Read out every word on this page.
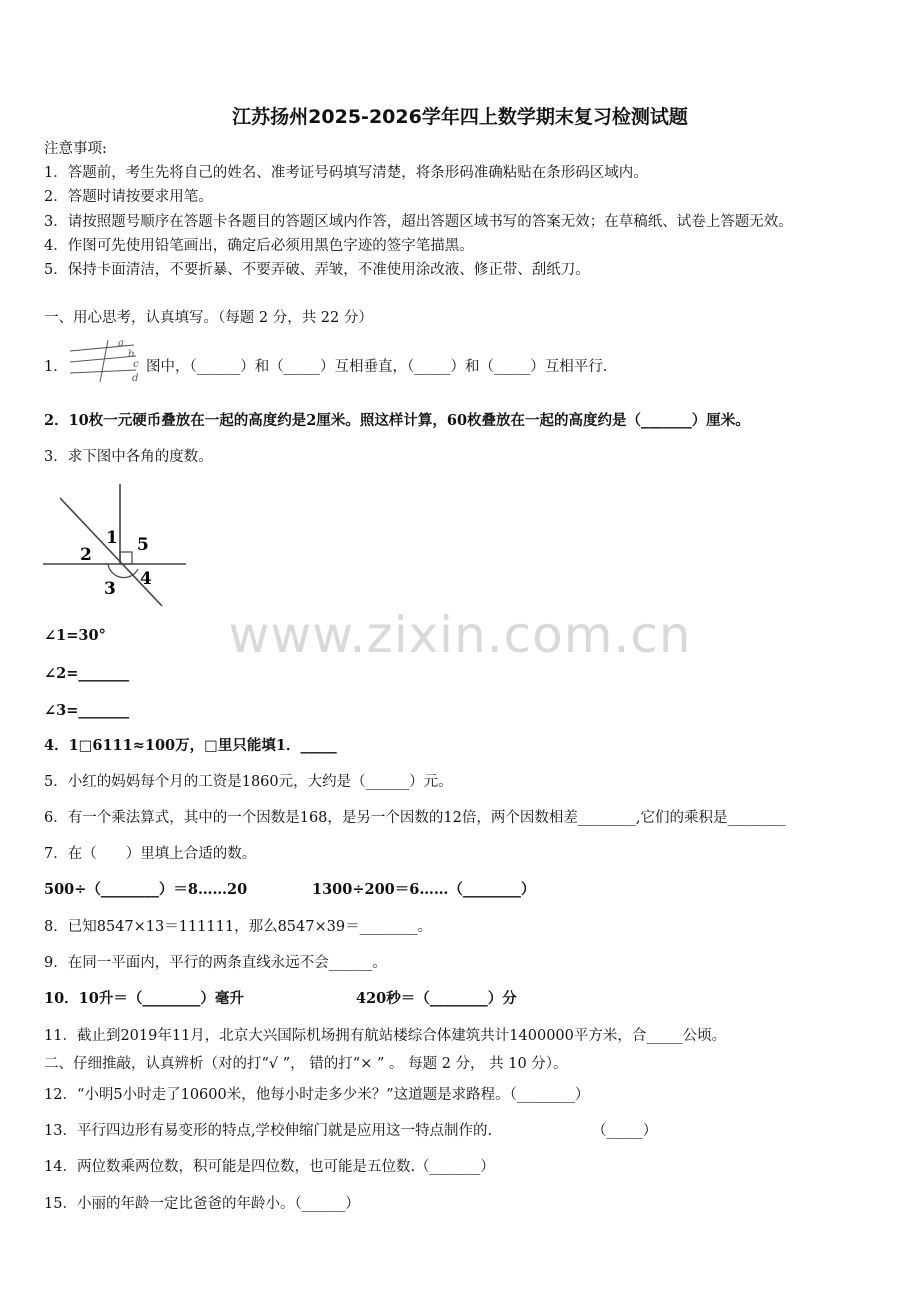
江苏扬州2025-2026学年四上数学期末复习检测试题
注意事项:
1．答题前，考生先将自己的姓名、准考证号码填写清楚，将条形码准确粘贴在条形码区域内。
2．答题时请按要求用笔。
3．请按照题号顺序在答题卡各题目的答题区域内作答，超出答题区域书写的答案无效；在草稿纸、试卷上答题无效。
4．作图可先使用铅笔画出，确定后必须用黑色字迹的签字笔描黑。
5．保持卡面清洁，不要折暴、不要弄破、弄皱，不准使用涂改液、修正带、刮纸刀。
一、用心思考，认真填写。（每题 2 分，共 22 分）
1．
a
b
c
d
图中，（______）和（_____）互相垂直，（_____）和（_____）互相平行.
2．10枚一元硬币叠放在一起的高度约是2厘米。照这样计算，60枚叠放在一起的高度约是（_______）厘米。
3．求下图中各角的度数。
1
2
3 4
5
www.zixin.com.cn
∠1=30°
∠2=_______
∠3=_______
4．1□6111≈100万，□里只能填1．_____
5．小红的妈妈每个月的工资是1860元，大约是（______）元。
6．有一个乘法算式，其中的一个因数是168，是另一个因数的12倍，两个因数相差________,它们的乘积是________
7．在（　　）里填上合适的数。
500÷（________）＝8……20	1300÷200＝6……（________）
8．已知8547×13＝111111，那么8547×39＝________。
9．在同一平面内，平行的两条直线永远不会______。
10．10升＝（________）毫升	420秒＝（________）分
11．截止到2019年11月，北京大兴国际机场拥有航站楼综合体建筑共计1400000平方米，合_____公顷。
二、仔细推敲，认真辨析（对的打“√ ”， 错的打“× ” 。 每题 2 分， 共 10 分）。
12．“小明5小时走了10600米，他每小时走多少米？”这道题是求路程。（________）
13．平行四边形有易变形的特点,学校伸缩门就是应用这一特点制作的.	（_____）
14．两位数乘两位数，积可能是四位数，也可能是五位数.（_______）
15．小丽的年龄一定比爸爸的年龄小。（______）
